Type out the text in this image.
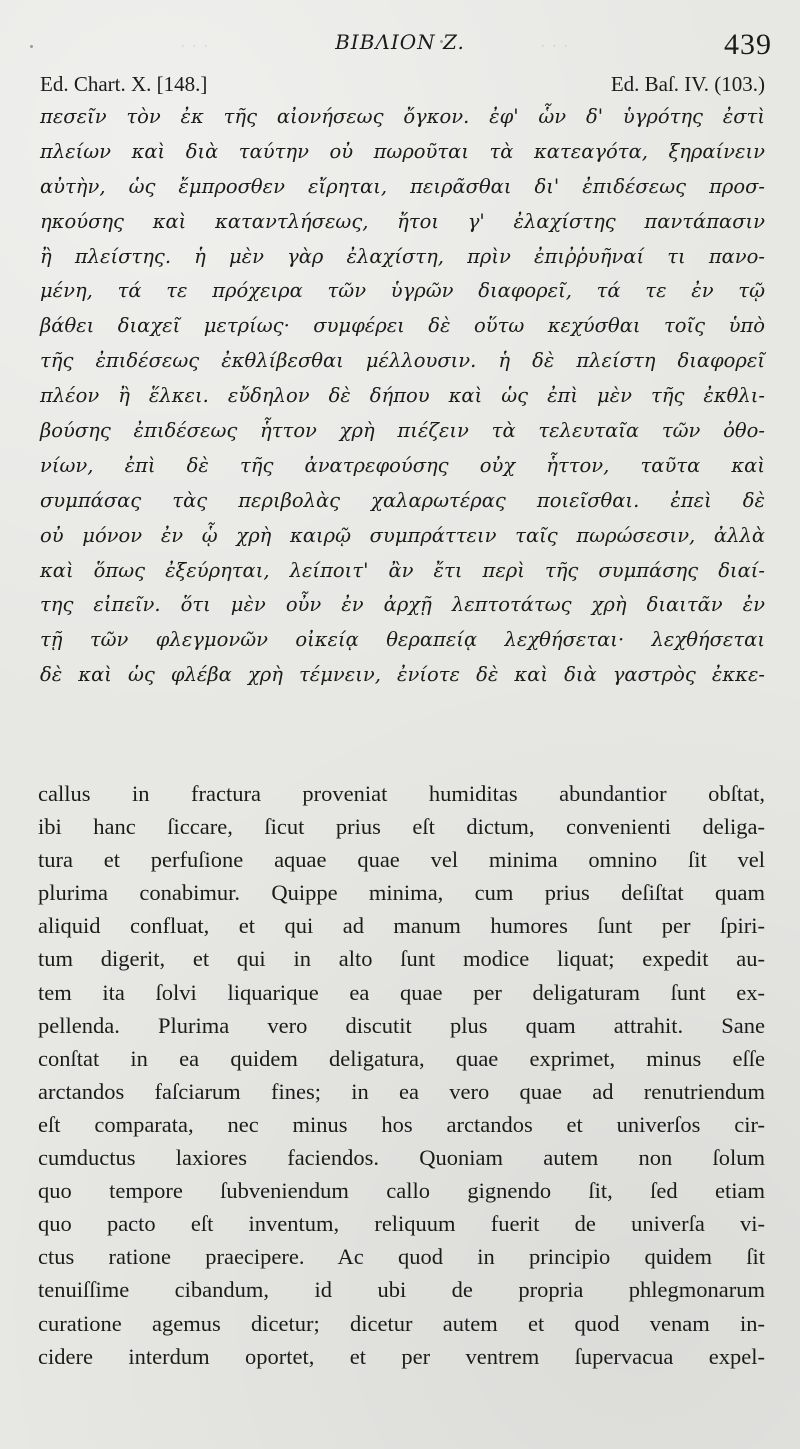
· · ·	· · ·
BIBΛΙΟΝ Z.	439
Ed. Chart. X. [148.]	Ed. Baſ. IV. (103.)
πεσεῖν τὸν ἐκ τῆς αἰονήσεως ὄγκον. ἐφ' ὧν δ' ὑγρότης ἐστὶ
πλείων καὶ διὰ ταύτην οὐ πωροῦται τὰ κατεαγότα, ξηραίνειν
αὐτὴν, ὡς ἔμπροσθεν εἴρηται, πειρᾶσθαι δι' ἐπιδέσεως προσ-
ηκούσης καὶ καταντλήσεως, ἤτοι γ' ἐλαχίστης παντάπασιν
ἢ πλείστης. ἡ μὲν γὰρ ἐλαχίστη, πρὶν ἐπιῤῥυῆναί τι πανο-
μένη, τά τε πρόχειρα τῶν ὑγρῶν διαφορεῖ, τά τε ἐν τῷ
βάθει διαχεῖ μετρίως· συμφέρει δὲ οὕτω κεχύσθαι τοῖς ὑπὸ
τῆς ἐπιδέσεως ἐκθλίβεσθαι μέλλουσιν. ἡ δὲ πλείστη διαφορεῖ
πλέον ἢ ἕλκει. εὔδηλον δὲ δήπου καὶ ὡς ἐπὶ μὲν τῆς ἐκθλι-
βούσης ἐπιδέσεως ἧττον χρὴ πιέζειν τὰ τελευταῖα τῶν ὀθο-
νίων, ἐπὶ δὲ τῆς ἀνατρεφούσης οὐχ ἧττον, ταῦτα καὶ
συμπάσας τὰς περιβολὰς χαλαρωτέρας ποιεῖσθαι. ἐπεὶ δὲ
οὐ μόνον ἐν ᾧ χρὴ καιρῷ συμπράττειν ταῖς πωρώσεσιν, ἀλλὰ
καὶ ὅπως ἐξεύρηται, λείποιτ' ἂν ἔτι περὶ τῆς συμπάσης διαί-
της εἰπεῖν. ὅτι μὲν οὖν ἐν ἀρχῇ λεπτοτάτως χρὴ διαιτᾶν ἐν
τῇ τῶν φλεγμονῶν οἰκείᾳ θεραπείᾳ λεχθήσεται· λεχθήσεται
δὲ καὶ ὡς φλέβα χρὴ τέμνειν, ἐνίοτε δὲ καὶ διὰ γαστρὸς ἐκκε-
callus in fractura proveniat humiditas abundantior obſtat,
ibi hanc ſiccare, ſicut prius eſt dictum, convenienti deliga-
tura et perfuſione aquae quae vel minima omnino ſit vel
plurima conabimur. Quippe minima, cum prius deſiſtat quam
aliquid confluat, et qui ad manum humores ſunt per ſpiri-
tum digerit, et qui in alto ſunt modice liquat; expedit au-
tem ita ſolvi liquarique ea quae per deligaturam ſunt ex-
pellenda. Plurima vero discutit plus quam attrahit. Sane
conſtat in ea quidem deligatura, quae exprimet, minus eſſe
arctandos faſciarum fines; in ea vero quae ad renutriendum
eſt comparata, nec minus hos arctandos et univerſos cir-
cumductus laxiores faciendos. Quoniam autem non ſolum
quo tempore ſubveniendum callo gignendo ſit, ſed etiam
quo pacto eſt inventum, reliquum fuerit de univerſa vi-
ctus ratione praecipere. Ac quod in principio quidem ſit
tenuiſſime cibandum, id ubi de propria phlegmonarum
curatione agemus dicetur; dicetur autem et quod venam in-
cidere interdum oportet, et per ventrem ſupervacua expel-
